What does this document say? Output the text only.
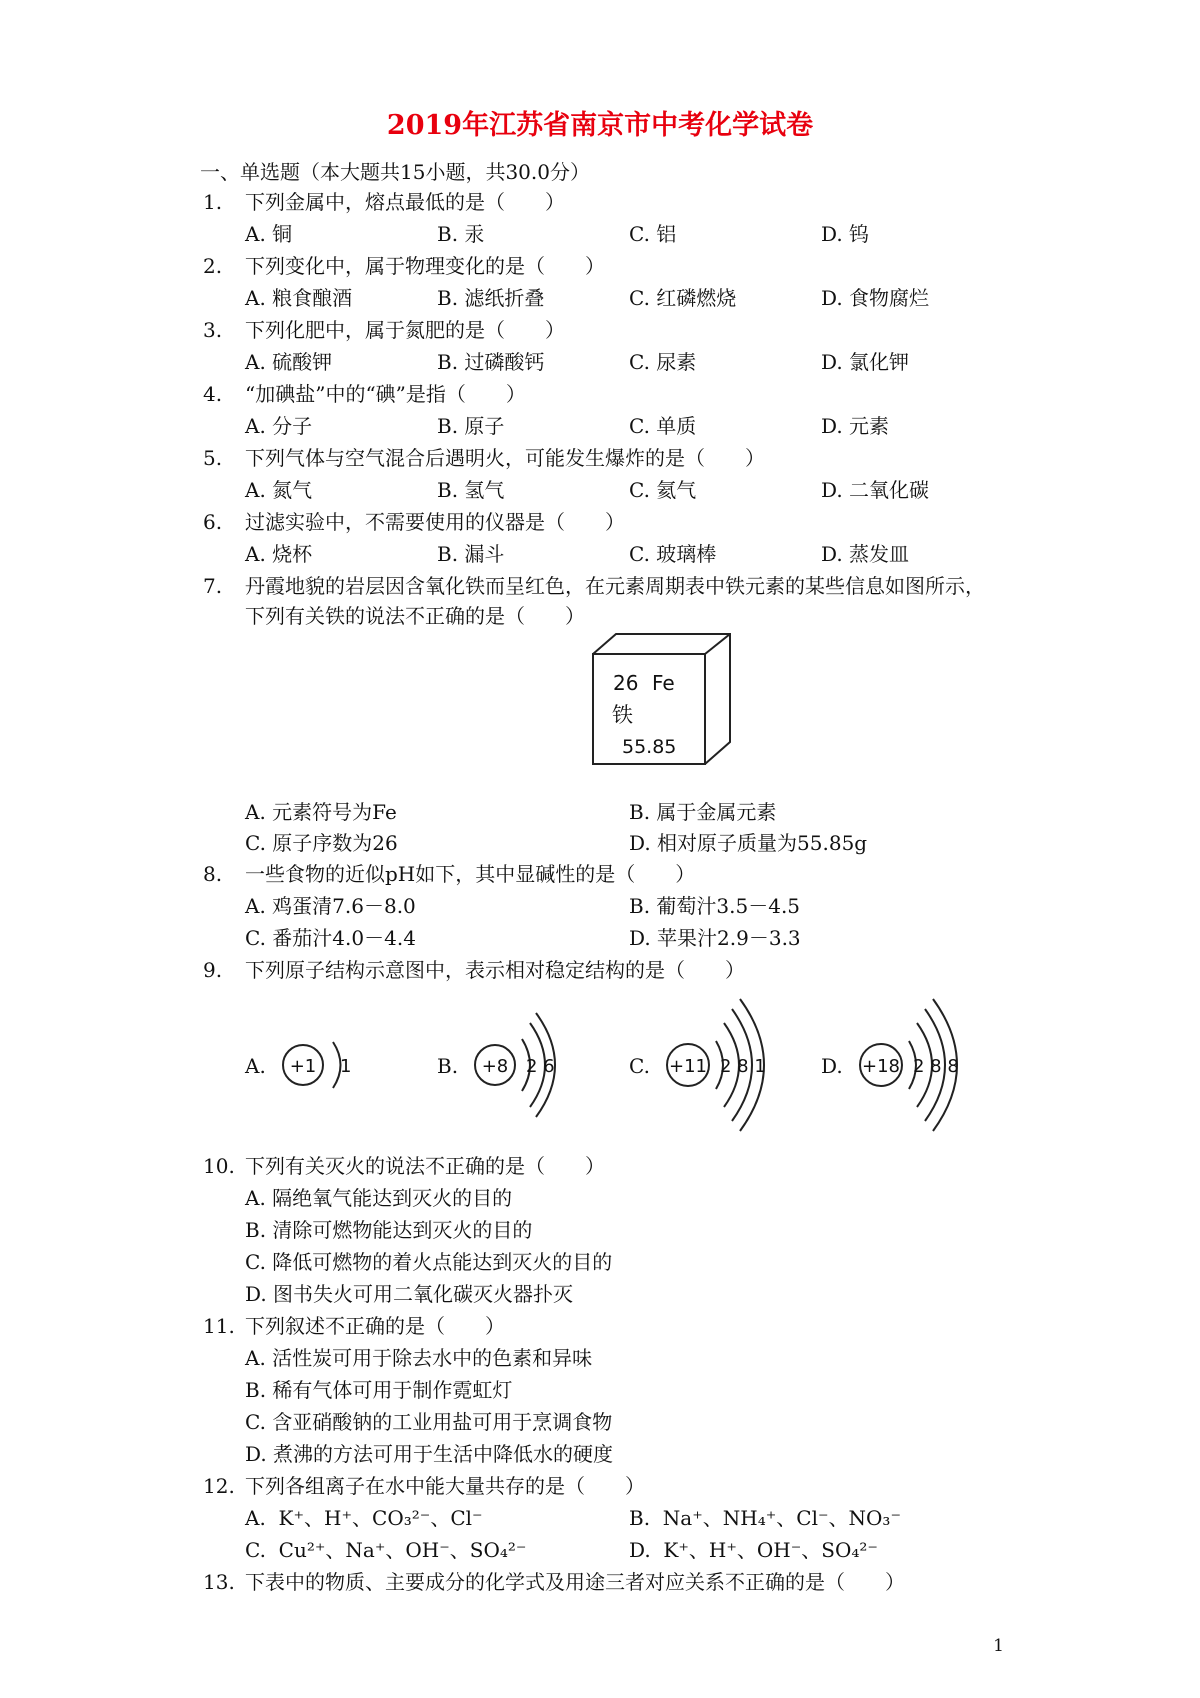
2019年江苏省南京市中考化学试卷
一、单选题（本大题共15小题，共30.0分）
1. 下列金属中，熔点最低的是（　　）
A. 铜	B. 汞	C. 铝	D. 钨
2. 下列变化中，属于物理变化的是（　　）
A. 粮食酿酒	B. 滤纸折叠	C. 红磷燃烧	D. 食物腐烂
3. 下列化肥中，属于氮肥的是（　　）
A. 硫酸钾	B. 过磷酸钙	C. 尿素	D. 氯化钾
4. “加碘盐”中的“碘”是指（　　）
A. 分子	B. 原子	C. 单质	D. 元素
5. 下列气体与空气混合后遇明火，可能发生爆炸的是（　　）
A. 氮气	B. 氢气	C. 氦气	D. 二氧化碳
6. 过滤实验中，不需要使用的仪器是（　　）
A. 烧杯	B. 漏斗	C. 玻璃棒	D. 蒸发皿
7. 丹霞地貌的岩层因含氧化铁而呈红色，在元素周期表中铁元素的某些信息如图所示，
下列有关铁的说法不正确的是（　　）
26 Fe
铁
55.85
A. 元素符号为Fe	B. 属于金属元素
C. 原子序数为26	D. 相对原子质量为55.85g
8. 一些食物的近似pH如下，其中显碱性的是（　　）
A. 鸡蛋清7.6－8.0	B. 葡萄汁3.5－4.5
C. 番茄汁4.0－4.4	D. 苹果汁2.9－3.3
9. 下列原子结构示意图中，表示相对稳定结构的是（　　）
A.	B.	C.	D.
+1 1	+8 2 6	+11 2 8 1	+18 2 8 8
10. 下列有关灭火的说法不正确的是（　　）
A. 隔绝氧气能达到灭火的目的
B. 清除可燃物能达到灭火的目的
C. 降低可燃物的着火点能达到灭火的目的
D. 图书失火可用二氧化碳灭火器扑灭
11. 下列叙述不正确的是（　　）
A. 活性炭可用于除去水中的色素和异味
B. 稀有气体可用于制作霓虹灯
C. 含亚硝酸钠的工业用盐可用于烹调食物
D. 煮沸的方法可用于生活中降低水的硬度
12. 下列各组离子在水中能大量共存的是（　　）
A. K⁺、H⁺、CO₃²⁻、Cl⁻	B. Na⁺、NH₄⁺、Cl⁻、NO₃⁻
C. Cu²⁺、Na⁺、OH⁻、SO₄²⁻	D. K⁺、H⁺、OH⁻、SO₄²⁻
13. 下表中的物质、主要成分的化学式及用途三者对应关系不正确的是（　　）
1
